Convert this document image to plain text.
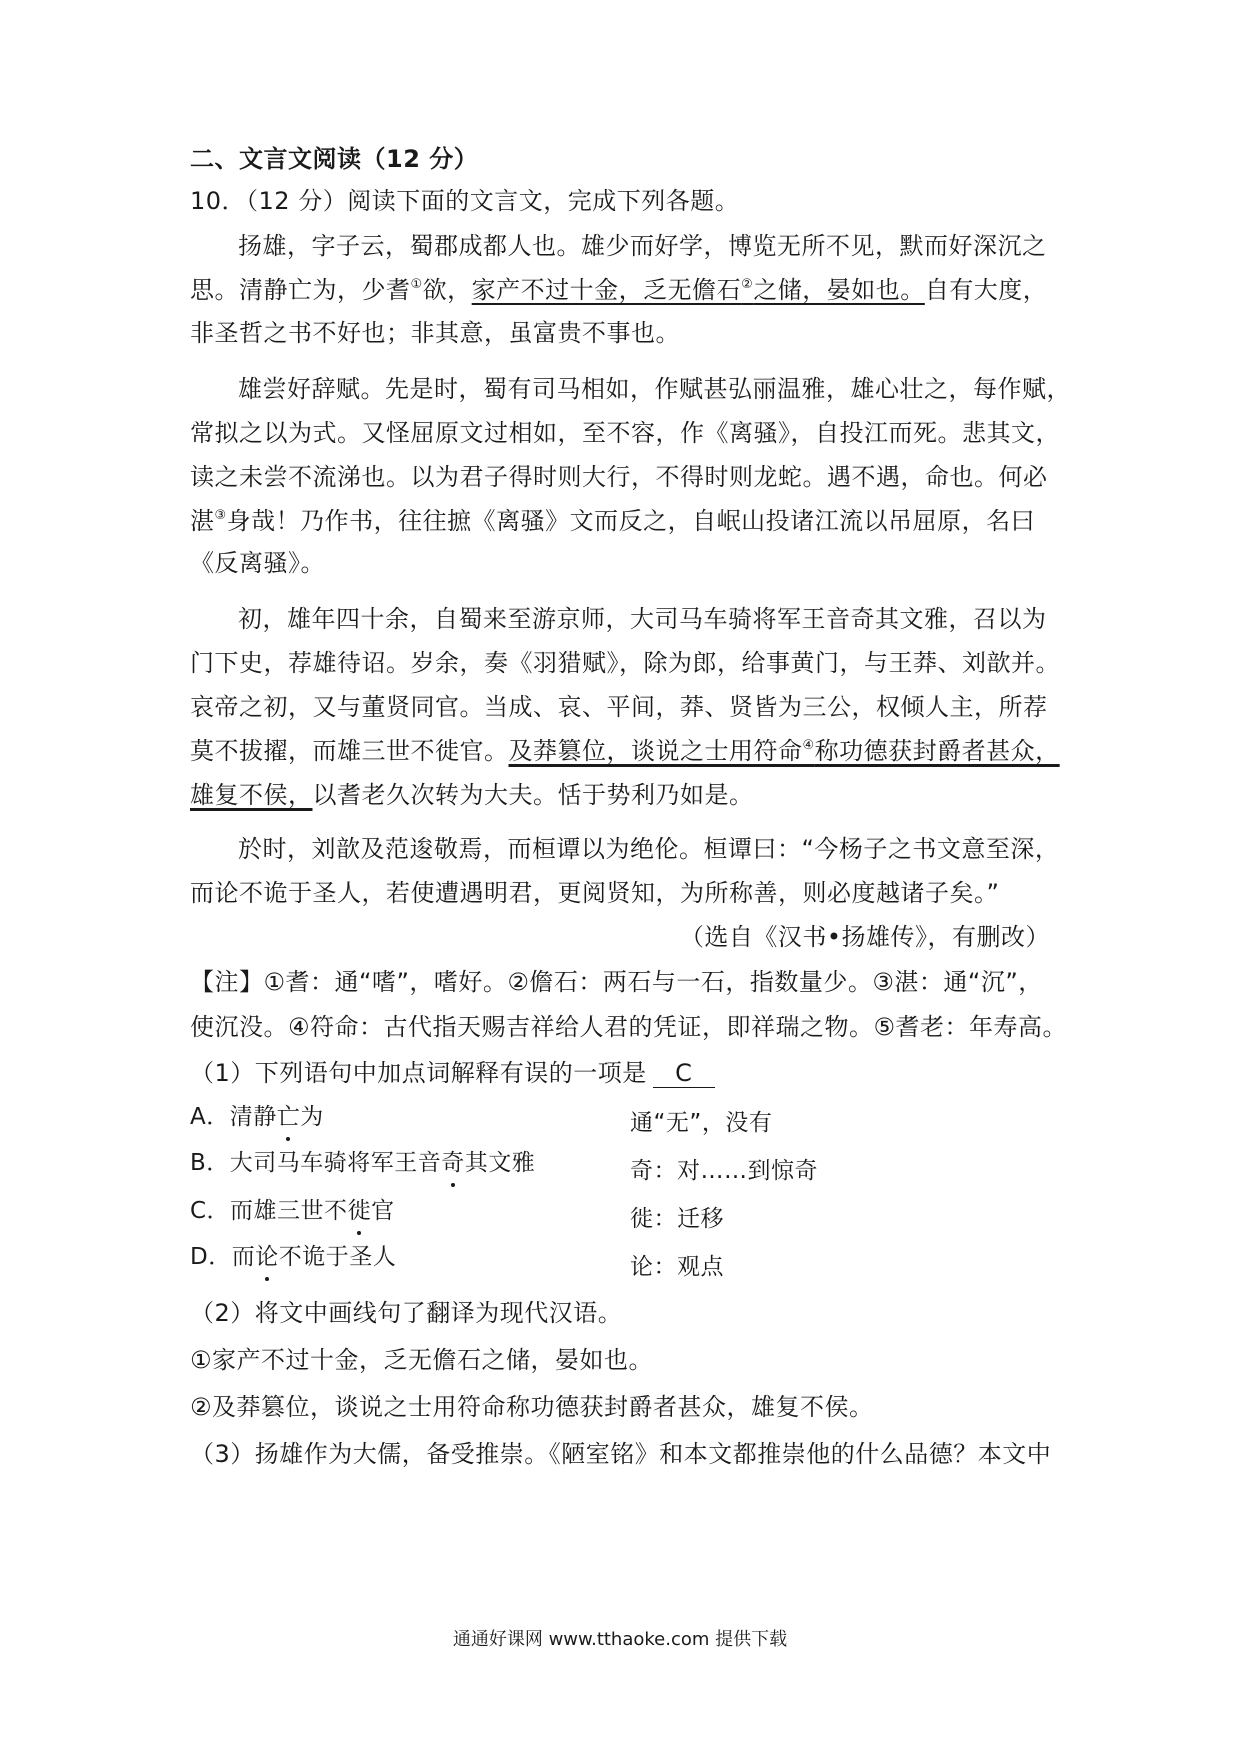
二、文言文阅读（12 分）
10．（12 分）阅读下面的文言文，完成下列各题。
扬雄，字子云，蜀郡成都人也。雄少而好学，博览无所不见，默而好深沉之
思。清静亡为，少耆①欲，家产不过十金，乏无儋石②之储，晏如也。自有大度，
非圣哲之书不好也；非其意，虽富贵不事也。
雄尝好辞赋。先是时，蜀有司马相如，作赋甚弘丽温雅，雄心壮之，每作赋，
常拟之以为式。又怪屈原文过相如，至不容，作《离骚》，自投江而死。悲其文，
读之未尝不流涕也。以为君子得时则大行，不得时则龙蛇。遇不遇，命也。何必
湛③身哉！乃作书，往往摭《离骚》文而反之，自岷山投诸江流以吊屈原，名曰
《反离骚》。
初，雄年四十余，自蜀来至游京师，大司马车骑将军王音奇其文雅，召以为
门下史，荐雄待诏。岁余，奏《羽猎赋》，除为郎，给事黄门，与王莽、刘歆并。
哀帝之初，又与董贤同官。当成、哀、平间，莽、贤皆为三公，权倾人主，所荐
莫不拔擢，而雄三世不徙官。及莽篡位，谈说之士用符命④称功德获封爵者甚众，
雄复不侯，以耆老久次转为大夫。恬于势利乃如是。
於时，刘歆及范逡敬焉，而桓谭以为绝伦。桓谭曰：“今杨子之书文意至深，
而论不诡于圣人，若使遭遇明君，更阅贤知，为所称善，则必度越诸子矣。”
（选自《汉书•扬雄传》，有删改）
【注】①耆：通“嗜”，嗜好。②儋石：两石与一石，指数量少。③湛：通“沉”，
使沉没。④符命：古代指天赐吉祥给人君的凭证，即祥瑞之物。⑤耆老：年寿高。
（1）下列语句中加点词解释有误的一项是 C
A．清静亡为	通“无”，没有
B．大司马车骑将军王音奇其文雅	奇：对……到惊奇
C．而雄三世不徙官	徙：迁移
D．而论不诡于圣人	论：观点
（2）将文中画线句了翻译为现代汉语。
①家产不过十金，乏无儋石之储，晏如也。
②及莽篡位，谈说之士用符命称功德获封爵者甚众，雄复不侯。
（3）扬雄作为大儒，备受推崇。《陋室铭》和本文都推崇他的什么品德？本文中
通通好课网 www.tthaoke.com 提供下载
